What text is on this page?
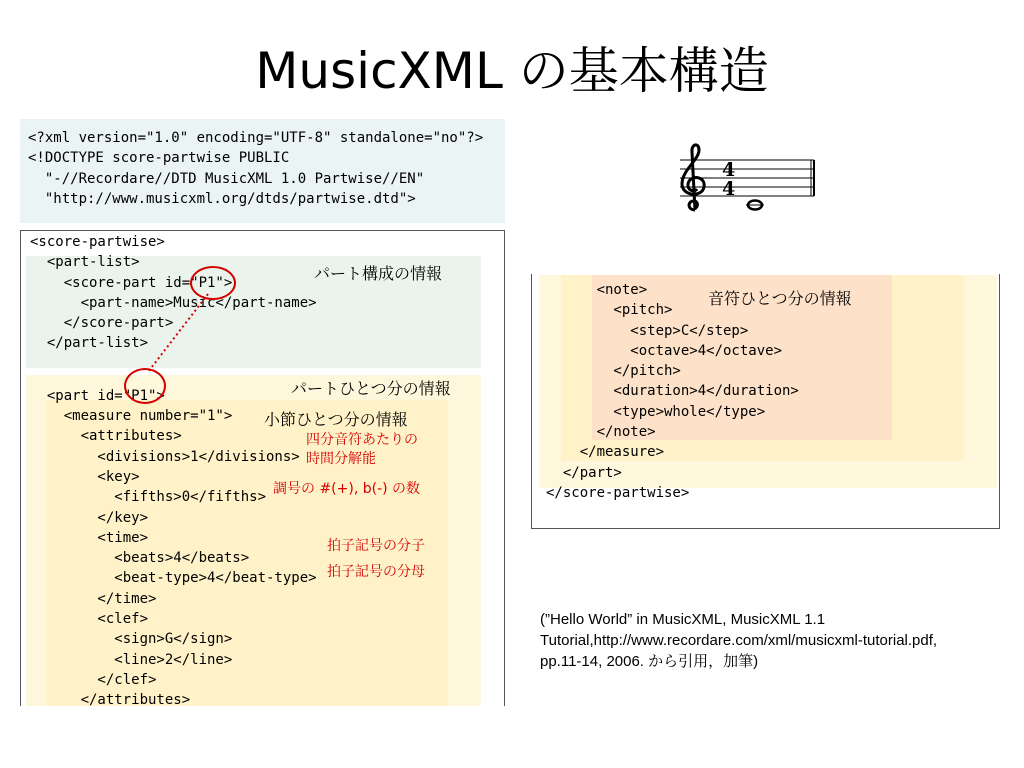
MusicXML の基本構造
<?xml version="1.0" encoding="UTF-8" standalone="no"?>
<!DOCTYPE score-partwise PUBLIC
"-//Recordare//DTD MusicXML 1.0 Partwise//EN"
"http://www.musicxml.org/dtds/partwise.dtd">
4
4
<score-partwise>
<part-list>
<score-part id="P1">
<part-name>Music</part-name>
</score-part>
</part-list>
<part id="P1">
<measure number="1">
<attributes>
<divisions>1</divisions>
<key>
<fifths>0</fifths>
</key>
<time>
<beats>4</beats>
<beat-type>4</beat-type>
</time>
<clef>
<sign>G</sign>
<line>2</line>
</clef>
</attributes>
パート構成の情報
パートひとつ分の情報
小節ひとつ分の情報
四分音符あたりの
時間分解能
調号の #(+), b(-) の数
拍子記号の分子
拍子記号の分母
<note>
<pitch>
<step>C</step>
<octave>4</octave>
</pitch>
<duration>4</duration>
<type>whole</type>
</note>
</measure>
</part>
</score-partwise>
音符ひとつ分の情報
(”Hello World” in MusicXML, MusicXML 1.1
Tutorial,http://www.recordare.com/xml/musicxml-tutorial.pdf,
pp.11-14, 2006. から引用，加筆)
